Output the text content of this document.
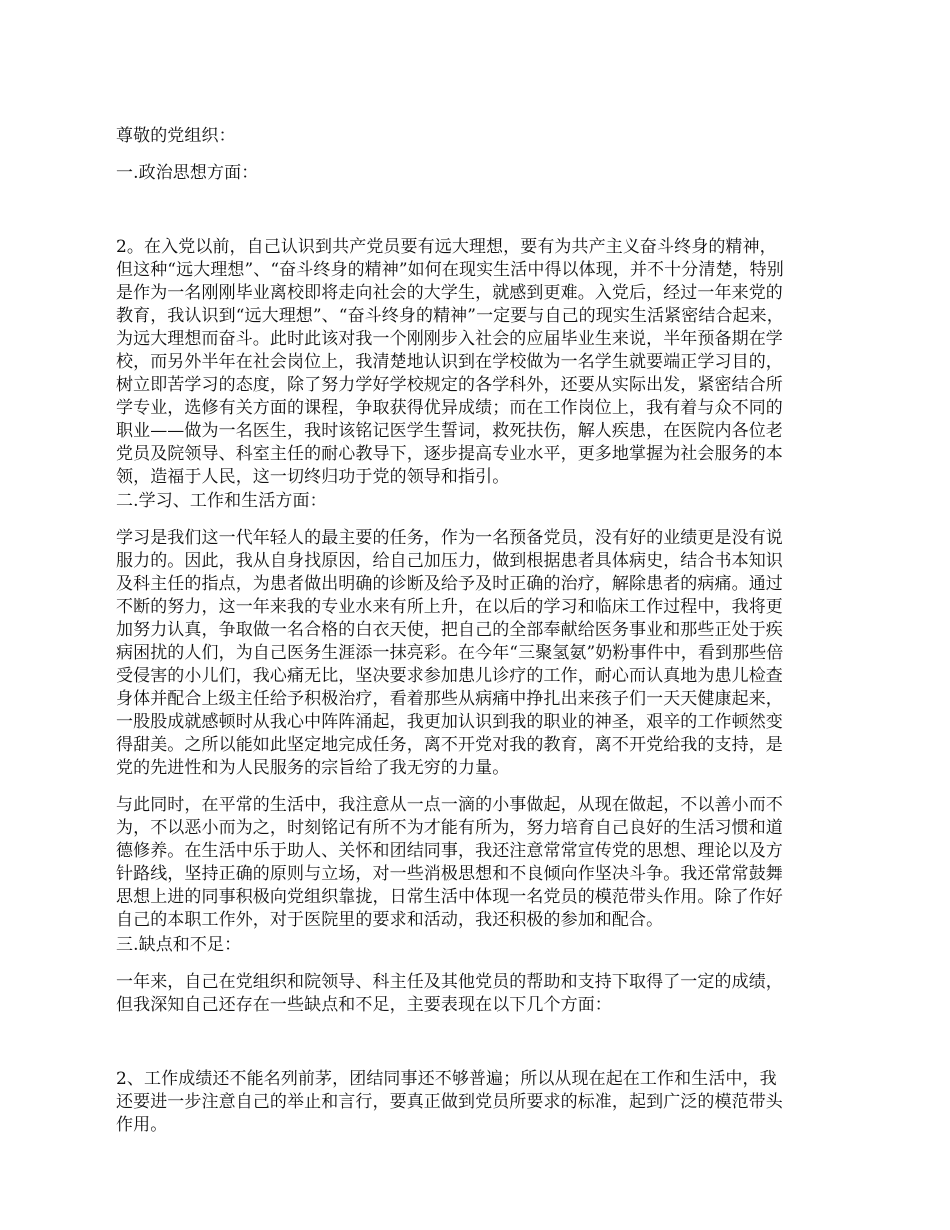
尊敬的党组织：
一.政治思想方面：
2。在入党以前，自己认识到共产党员要有远大理想，要有为共产主义奋斗终身的精神，
但这种“远大理想”、“奋斗终身的精神”如何在现实生活中得以体现，并不十分清楚，特别
是作为一名刚刚毕业离校即将走向社会的大学生，就感到更难。入党后，经过一年来党的
教育，我认识到“远大理想”、“奋斗终身的精神”一定要与自己的现实生活紧密结合起来，
为远大理想而奋斗。此时此该对我一个刚刚步入社会的应届毕业生来说，半年预备期在学
校，而另外半年在社会岗位上，我清楚地认识到在学校做为一名学生就要端正学习目的，
树立即苦学习的态度，除了努力学好学校规定的各学科外，还要从实际出发，紧密结合所
学专业，选修有关方面的课程，争取获得优异成绩；而在工作岗位上，我有着与众不同的
职业——做为一名医生，我时该铭记医学生誓词，救死扶伤，解人疾患，在医院内各位老
党员及院领导、科室主任的耐心教导下，逐步提高专业水平，更多地掌握为社会服务的本
领，造福于人民，这一切终归功于党的领导和指引。
二.学习、工作和生活方面：
学习是我们这一代年轻人的最主要的任务，作为一名预备党员，没有好的业绩更是没有说
服力的。因此，我从自身找原因，给自己加压力，做到根据患者具体病史，结合书本知识
及科主任的指点，为患者做出明确的诊断及给予及时正确的治疗，解除患者的病痛。通过
不断的努力，这一年来我的专业水来有所上升，在以后的学习和临床工作过程中，我将更
加努力认真，争取做一名合格的白衣天使，把自己的全部奉献给医务事业和那些正处于疾
病困扰的人们，为自己医务生涯添一抹亮彩。在今年“三聚氢氨”奶粉事件中，看到那些倍
受侵害的小儿们，我心痛无比，坚决要求参加患儿诊疗的工作，耐心而认真地为患儿检查
身体并配合上级主任给予积极治疗，看着那些从病痛中挣扎出来孩子们一天天健康起来，
一股股成就感顿时从我心中阵阵涌起，我更加认识到我的职业的神圣，艰辛的工作顿然变
得甜美。之所以能如此坚定地完成任务，离不开党对我的教育，离不开党给我的支持，是
党的先进性和为人民服务的宗旨给了我无穷的力量。
与此同时，在平常的生活中，我注意从一点一滴的小事做起，从现在做起，不以善小而不
为，不以恶小而为之，时刻铭记有所不为才能有所为，努力培育自己良好的生活习惯和道
德修养。在生活中乐于助人、关怀和团结同事，我还注意常常宣传党的思想、理论以及方
针路线，坚持正确的原则与立场，对一些消极思想和不良倾向作坚决斗争。我还常常鼓舞
思想上进的同事积极向党组织靠拢，日常生活中体现一名党员的模范带头作用。除了作好
自己的本职工作外，对于医院里的要求和活动，我还积极的参加和配合。
三.缺点和不足：
一年来，自己在党组织和院领导、科主任及其他党员的帮助和支持下取得了一定的成绩，
但我深知自己还存在一些缺点和不足，主要表现在以下几个方面：
2、工作成绩还不能名列前茅，团结同事还不够普遍；所以从现在起在工作和生活中，我
还要进一步注意自己的举止和言行，要真正做到党员所要求的标准，起到广泛的模范带头
作用。
